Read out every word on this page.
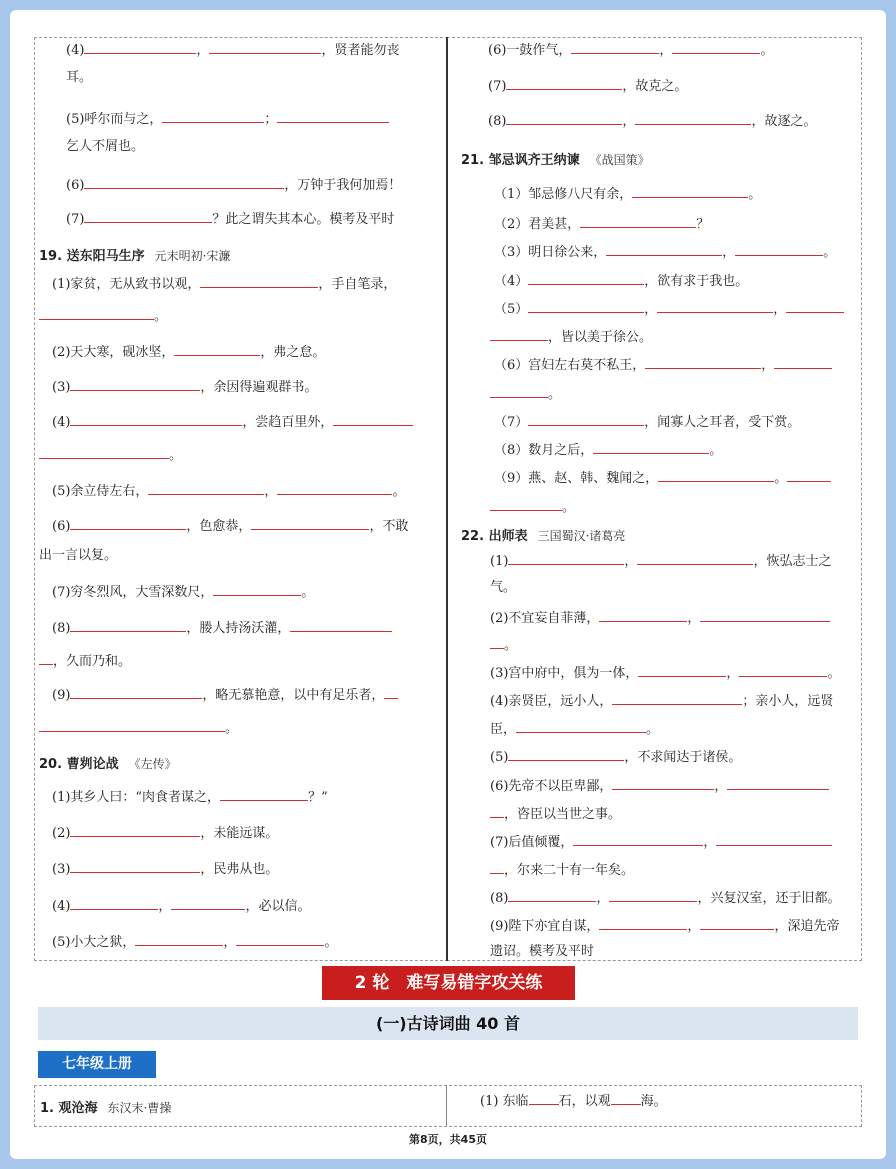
(4)	，	，贤者能勿丧
耳。
(5)呼尔而与之，	；
乞人不屑也。
(6)	，万钟于我何加焉！
(7)	？此之谓失其本心。模考及平时
19. 送东阳马生序 元末明初·宋濂
(1)家贫，无从致书以观，	，手自笔录，
。
(2)天大寒，砚冰坚，	，弗之怠。
(3)	，余因得遍观群书。
(4)	，尝趋百里外，
。
(5)余立侍左右，	，	。
(6)	，色愈恭，	，不敢
出一言以复。
(7)穷冬烈风，大雪深数尺，	。
(8)	，媵人持汤沃灌，
，久而乃和。
(9)	，略无慕艳意，以中有足乐者，
。
20. 曹刿论战 《左传》
(1)其乡人曰：“肉食者谋之，	？”
(2)	，未能远谋。
(3)	，民弗从也。
(4)	，	，必以信。
(5)小大之狱，	，	。
(6)一鼓作气，	，	。
(7)	，故克之。
(8)	，	，故逐之。
21. 邹忌讽齐王纳谏 《战国策》
（1）邹忌修八尺有余，	。
（2）君美甚，	？
（3）明日徐公来，	，	。
（4）	，欲有求于我也。
（5）	，	，
，皆以美于徐公。
（6）宫妇左右莫不私王，	，
。
（7）	，闻寡人之耳者，受下赏。
（8）数月之后，	。
（9）燕、赵、韩、魏闻之，	。
。
22. 出师表 三国蜀汉·诸葛亮
(1)	，	，恢弘志士之
气。
(2)不宜妄自菲薄，	，
。
(3)宫中府中，俱为一体，	，	。
(4)亲贤臣，远小人，	；亲小人，远贤
臣，	。
(5)	，不求闻达于诸侯。
(6)先帝不以臣卑鄙，	，
，咨臣以当世之事。
(7)后值倾覆，	，
，尔来二十有一年矣。
(8)	，	，兴复汉室，还于旧都。
(9)陛下亦宜自谋，	，	，深追先帝
遗诏。模考及平时
2 轮　难写易错字攻关练
(一)古诗词曲 40 首
七年级上册
1. 观沧海 东汉末·曹操	(1) 东临 石，以观 海。
第8页，共45页
